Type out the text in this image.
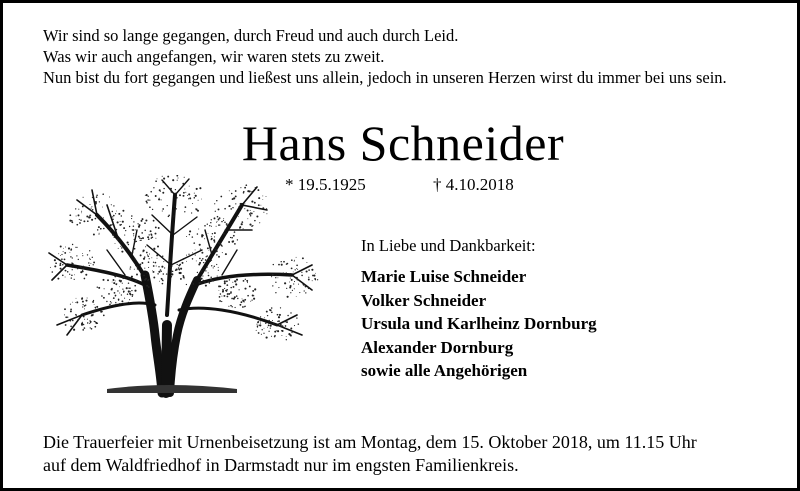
Wir sind so lange gegangen, durch Freud und auch durch Leid.
Was wir auch angefangen, wir waren stets zu zweit.
Nun bist du fort gegangen und ließest uns allein, jedoch in unseren Herzen wirst du immer bei uns sein.
Hans Schneider
* 19.5.1925	† 4.10.2018
In Liebe und Dankbarkeit:
Marie Luise Schneider
Volker Schneider
Ursula und Karlheinz Dornburg
Alexander Dornburg
sowie alle Angehörigen
Die Trauerfeier mit Urnenbeisetzung ist am Montag, dem 15. Oktober 2018, um 11.15 Uhr
auf dem Waldfriedhof in Darmstadt nur im engsten Familienkreis.
